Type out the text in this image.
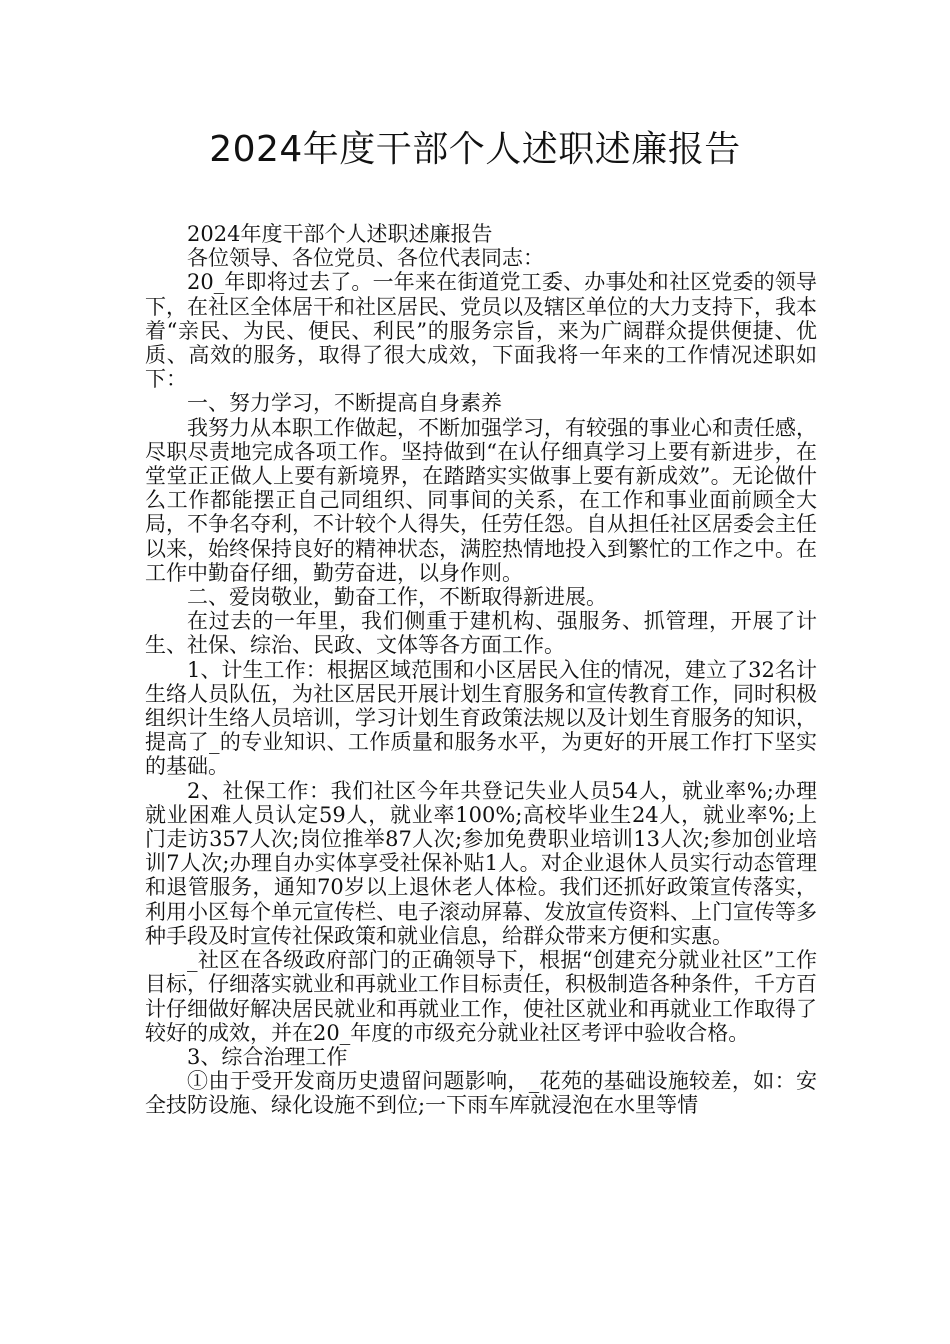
2024年度干部个人述职述廉报告

2024年度干部个人述职述廉报告

各位领导、各位党员、各位代表同志：

20_年即将过去了。一年来在街道党工委、办事处和社区党委的领导下，在社区全体居干和社区居民、党员以及辖区单位的大力支持下，我本着“亲民、为民、便民、利民”的服务宗旨，来为广阔群众提供便捷、优质、高效的服务，取得了很大成效，下面我将一年来的工作情况述职如下：

一、努力学习，不断提高自身素养

我努力从本职工作做起，不断加强学习，有较强的事业心和责任感，尽职尽责地完成各项工作。坚持做到“在认仔细真学习上要有新进步，在堂堂正正做人上要有新境界，在踏踏实实做事上要有新成效”。无论做什么工作都能摆正自己同组织、同事间的关系，在工作和事业面前顾全大局，不争名夺利，不计较个人得失，任劳任怨。自从担任社区居委会主任以来，始终保持良好的精神状态，满腔热情地投入到繁忙的工作之中。在工作中勤奋仔细，勤劳奋进，以身作则。

二、爱岗敬业，勤奋工作，不断取得新进展。

在过去的一年里，我们侧重于建机构、强服务、抓管理，开展了计生、社保、综治、民政、文体等各方面工作。

1、计生工作：根据区域范围和小区居民入住的情况，建立了32名计生络人员队伍，为社区居民开展计划生育服务和宣传教育工作，同时积极组织计生络人员培训，学习计划生育政策法规以及计划生育服务的知识，提高了_的专业知识、工作质量和服务水平，为更好的开展工作打下坚实的基础。

2、社保工作：我们社区今年共登记失业人员54人，就业率%;办理就业困难人员认定59人，就业率100%;高校毕业生24人，就业率%;上门走访357人次;岗位推举87人次;参加免费职业培训13人次;参加创业培训7人次;办理自办实体享受社保补贴1人。对企业退休人员实行动态管理和退管服务，通知70岁以上退休老人体检。我们还抓好政策宣传落实，利用小区每个单元宣传栏、电子滚动屏幕、发放宣传资料、上门宣传等多种手段及时宣传社保政策和就业信息，给群众带来方便和实惠。

_社区在各级政府部门的正确领导下，根据“创建充分就业社区”工作目标，仔细落实就业和再就业工作目标责任，积极制造各种条件，千方百计仔细做好解决居民就业和再就业工作，使社区就业和再就业工作取得了较好的成效，并在20_年度的市级充分就业社区考评中验收合格。

3、综合治理工作

①由于受开发商历史遗留问题影响，_花苑的基础设施较差，如：安全技防设施、绿化设施不到位;一下雨车库就浸泡在水里等情
